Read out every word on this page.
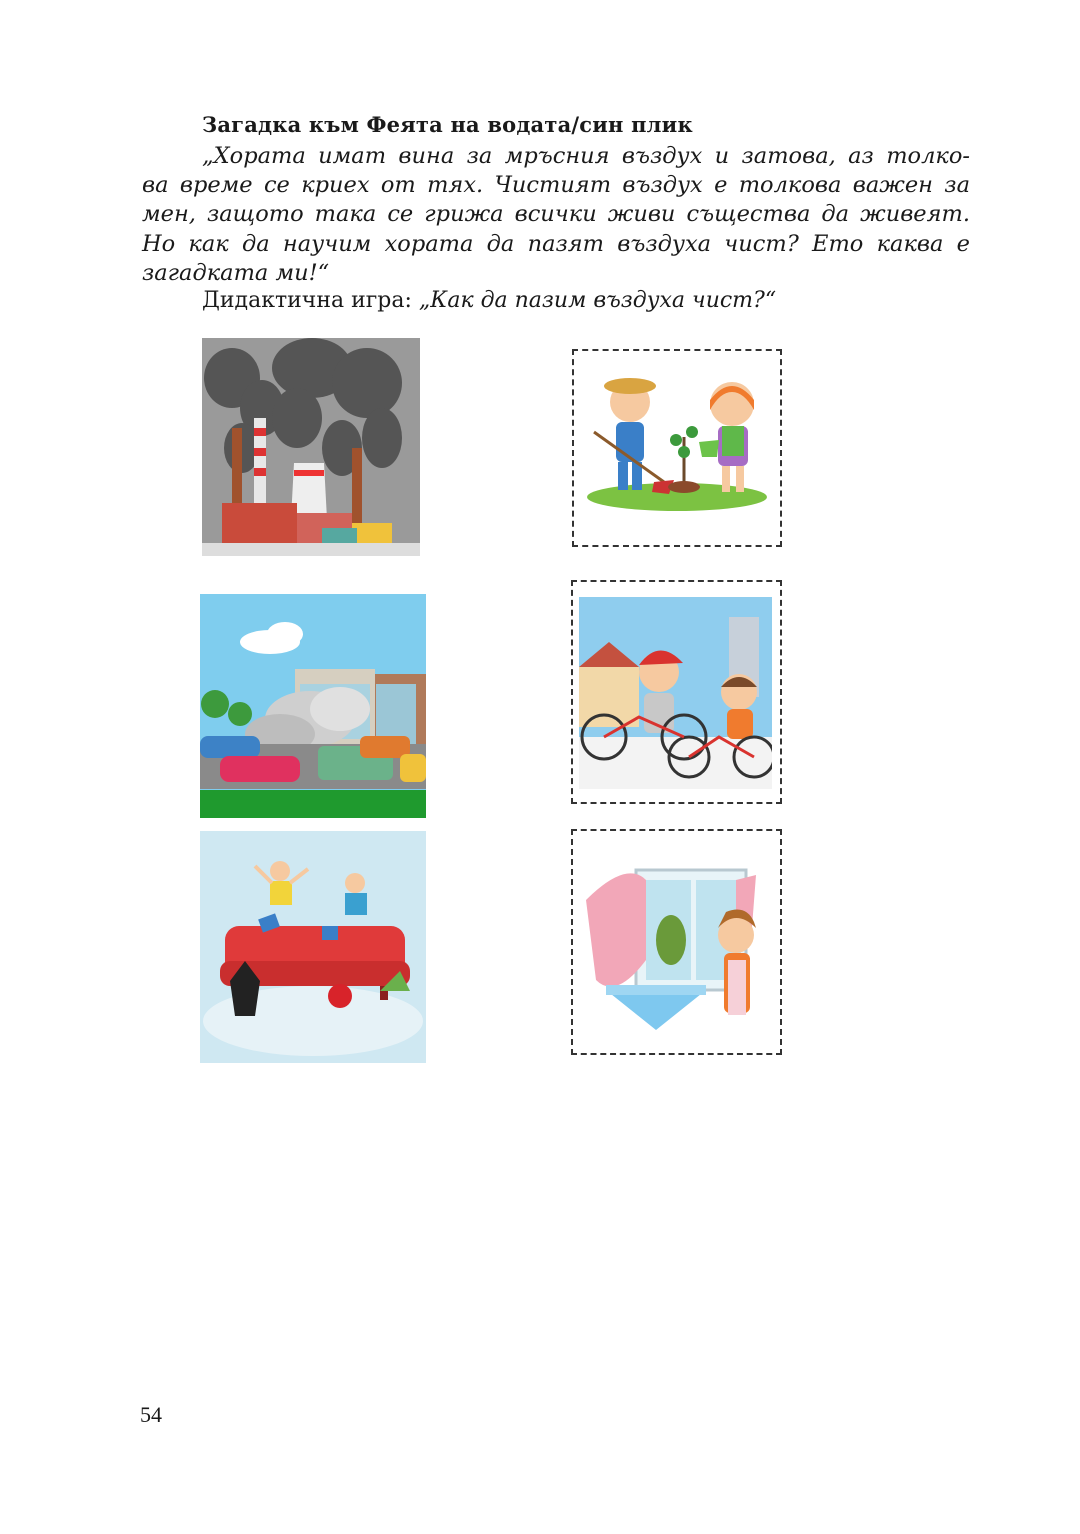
Загадка към Феята на водата/син плик
„Хората имат вина за мръсния въздух и затова, аз толко-
ва време се криех от тях. Чистият въздух е толкова важен за
мен, защото така се грижа всички живи същества да живеят.
Но как да научим хората да пазят въздуха чист? Ето каква е
загадката ми!“
Дидактична игра: „Как да пазим въздуха чист?“
54
